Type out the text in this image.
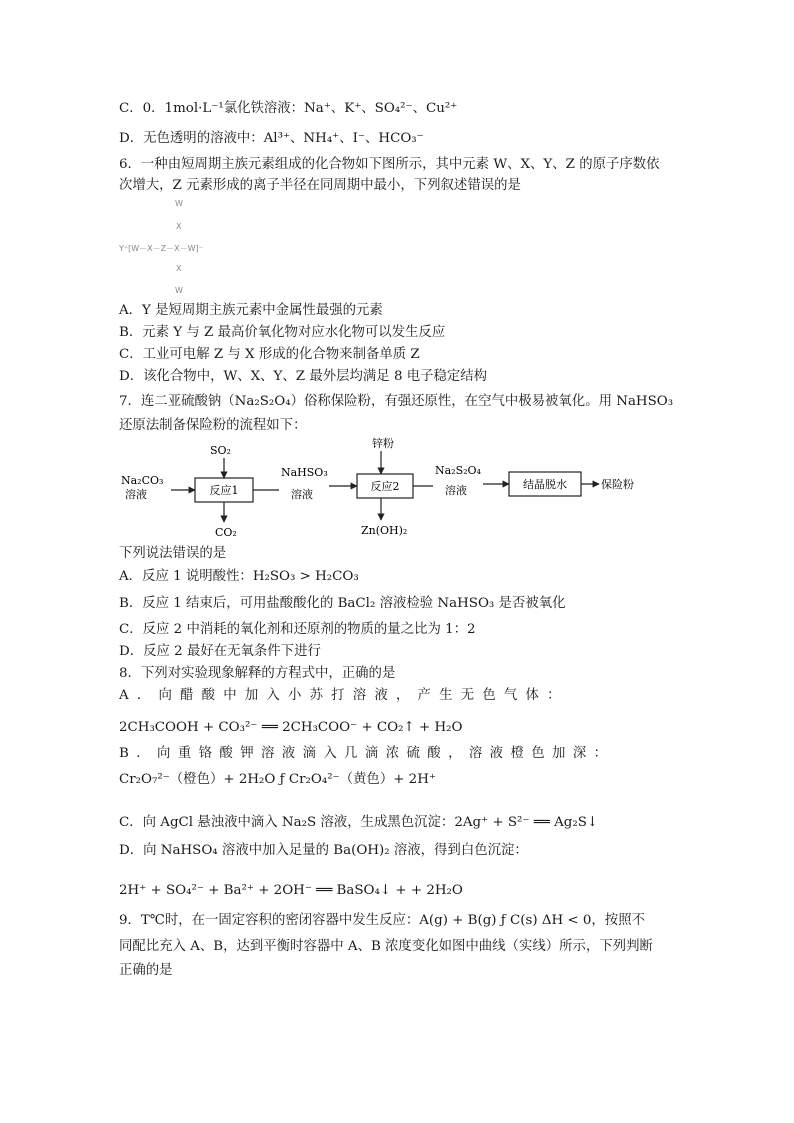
C．0．1mol·L⁻¹氯化铁溶液：Na⁺、K⁺、SO₄²⁻、Cu²⁺
D．无色透明的溶液中：Al³⁺、NH₄⁺、I⁻、HCO₃⁻
6．一种由短周期主族元素组成的化合物如下图所示，其中元素 W、X、Y、Z 的原子序数依
次增大，Z 元素形成的离子半径在同周期中最小，下列叙述错误的是
W
X
Y⁺[W－X－Z－X－W]⁻
X
W
A．Y 是短周期主族元素中金属性最强的元素
B．元素 Y 与 Z 最高价氧化物对应水化物可以发生反应
C．工业可电解 Z 与 X 形成的化合物来制备单质 Z
D．该化合物中，W、X、Y、Z 最外层均满足 8 电子稳定结构
7．连二亚硫酸钠（Na₂S₂O₄）俗称保险粉，有强还原性，在空气中极易被氧化。用 NaHSO₃
还原法制备保险粉的流程如下：
Na₂CO₃
溶液	反应1
SO₂
CO₂
NaHSO₃
溶液
反应2
锌粉
Zn(OH)₂
Na₂S₂O₄
溶液	结晶脱水	保险粉
下列说法错误的是
A．反应 1 说明酸性：H₂SO₃ > H₂CO₃
B．反应 1 结束后，可用盐酸酸化的 BaCl₂ 溶液检验 NaHSO₃ 是否被氧化
C．反应 2 中消耗的氧化剂和还原剂的物质的量之比为 1：2
D．反应 2 最好在无氧条件下进行
8．下列对实验现象解释的方程式中，正确的是
A．向醋酸中加入小苏打溶液，产生无色气体：
2CH₃COOH + CO₃²⁻ ══ 2CH₃COO⁻ + CO₂↑ + H₂O
B．向重铬酸钾溶液滴入几滴浓硫酸，溶液橙色加深：
Cr₂O₇²⁻（橙色）+ 2H₂O ƒ Cr₂O₄²⁻（黄色）+ 2H⁺
C．向 AgCl 悬浊液中滴入 Na₂S 溶液，生成黑色沉淀：2Ag⁺ + S²⁻ ══ Ag₂S↓
D．向 NaHSO₄ 溶液中加入足量的 Ba(OH)₂ 溶液，得到白色沉淀：
2H⁺ + SO₄²⁻ + Ba²⁺ + 2OH⁻ ══ BaSO₄↓ + + 2H₂O
9．T℃时，在一固定容积的密闭容器中发生反应：A(g) + B(g) ƒ C(s) ΔH < 0，按照不
同配比充入 A、B，达到平衡时容器中 A、B 浓度变化如图中曲线（实线）所示，下列判断
正确的是
